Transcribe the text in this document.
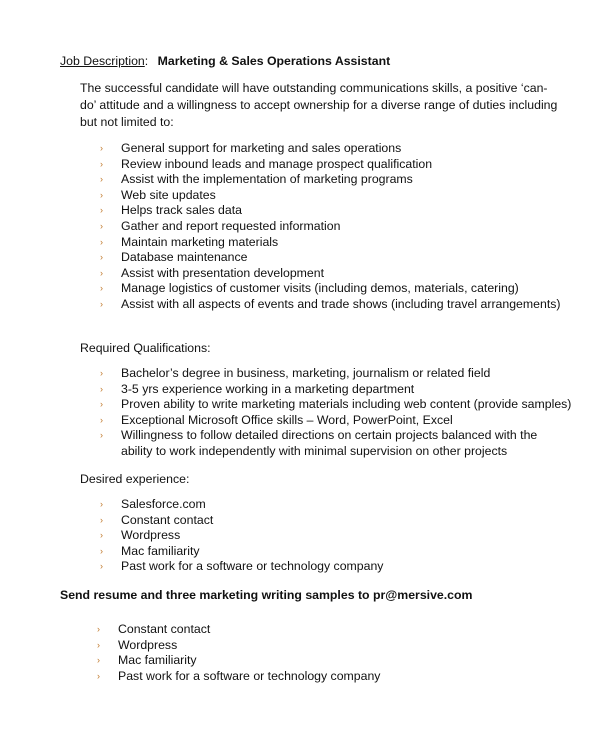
Job Description: Marketing & Sales Operations Assistant
The successful candidate will have outstanding communications skills, a positive ‘can-do’ attitude and a willingness to accept ownership for a diverse range of duties including but not limited to:
› General support for marketing and sales operations
› Review inbound leads and manage prospect qualification
› Assist with the implementation of marketing programs
› Web site updates
› Helps track sales data
› Gather and report requested information
› Maintain marketing materials
› Database maintenance
› Assist with presentation development
› Manage logistics of customer visits (including demos, materials, catering)
› Assist with all aspects of events and trade shows (including travel arrangements)
Required Qualifications:
› Bachelor’s degree in business, marketing, journalism or related field
› 3-5 yrs experience working in a marketing department
› Proven ability to write marketing materials including web content (provide samples)
› Exceptional Microsoft Office skills – Word, PowerPoint, Excel
› Willingness to follow detailed directions on certain projects balanced with the ability to work independently with minimal supervision on other projects
Desired experience:
› Salesforce.com
› Constant contact
› Wordpress
› Mac familiarity
› Past work for a software or technology company
Send resume and three marketing writing samples to pr@mersive.com
› Constant contact
› Wordpress
› Mac familiarity
› Past work for a software or technology company
